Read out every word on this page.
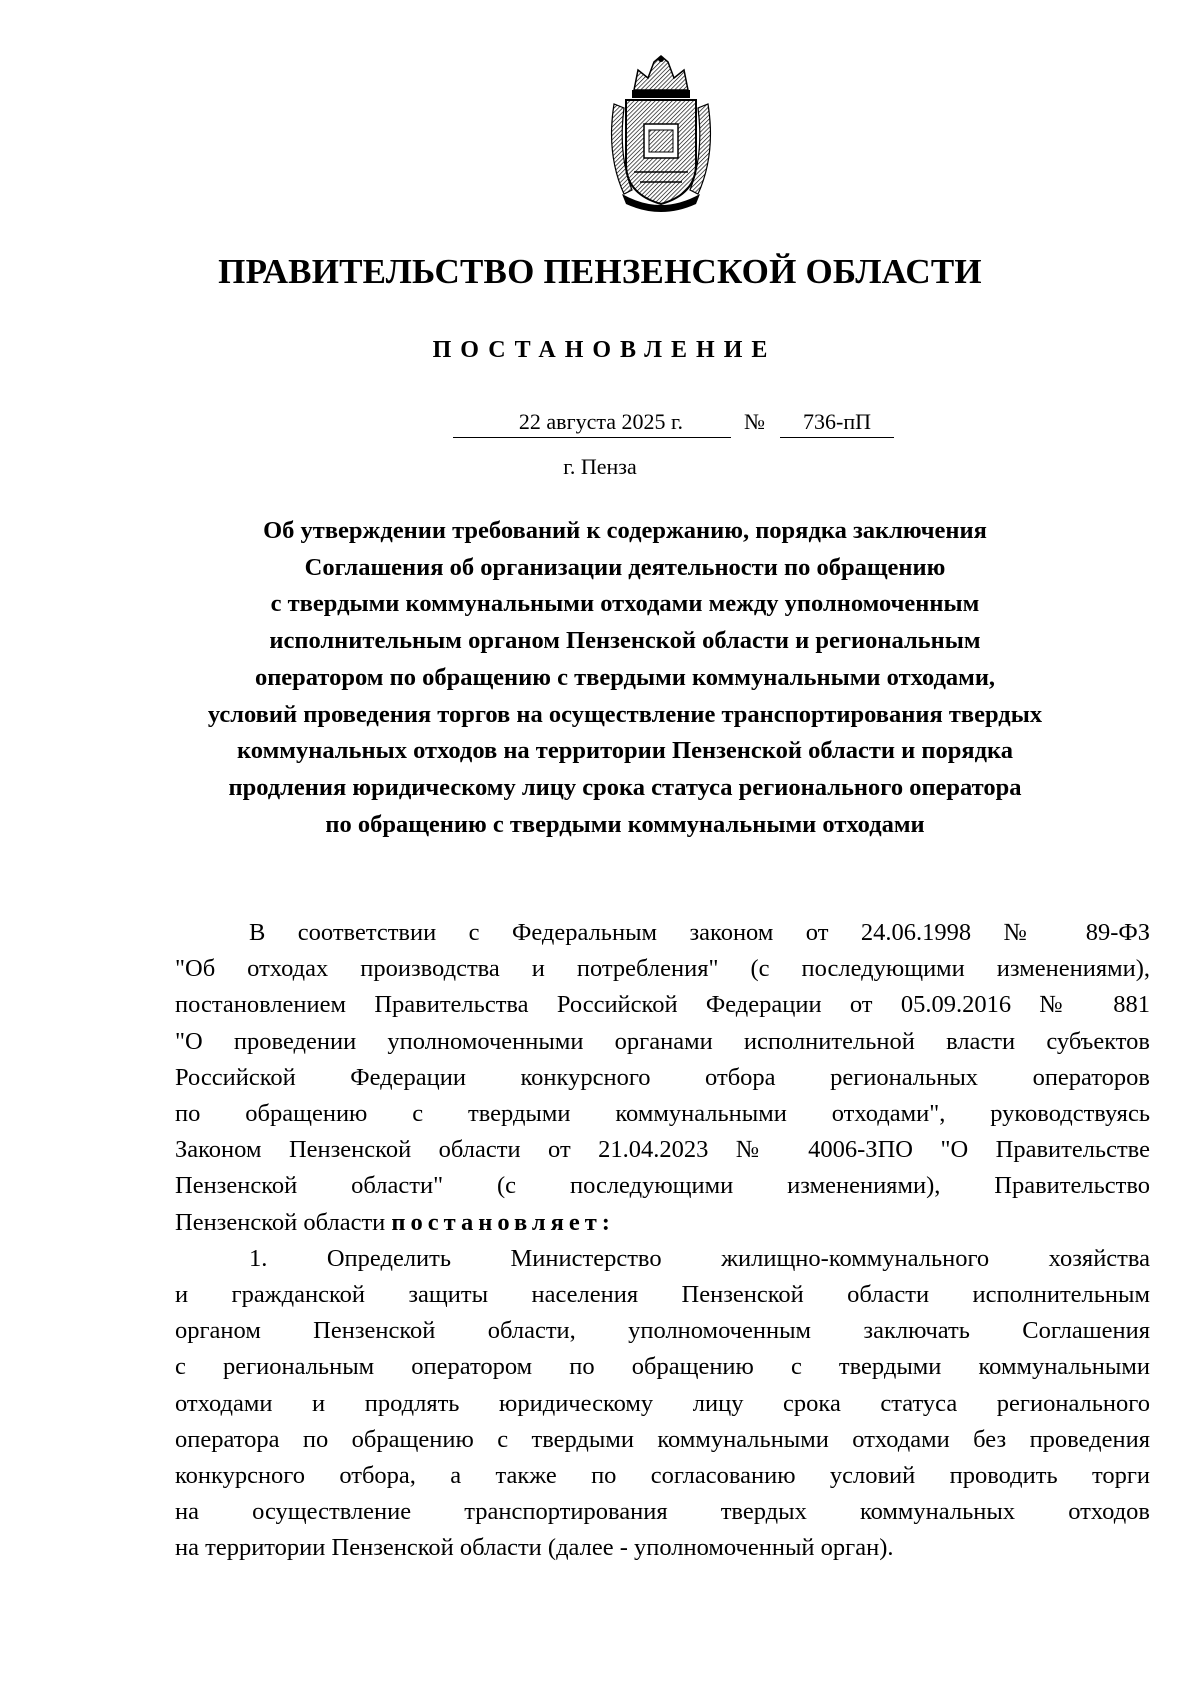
ПРАВИТЕЛЬСТВО ПЕНЗЕНСКОЙ ОБЛАСТИ
ПОСТАНОВЛЕНИЕ
22 августа 2025 г.	№	736-пП
г. Пенза
Об утверждении требований к содержанию, порядка заключения
Соглашения об организации деятельности по обращению
с твердыми коммунальными отходами между уполномоченным
исполнительным органом Пензенской области и региональным
оператором по обращению с твердыми коммунальными отходами,
условий проведения торгов на осуществление транспортирования твердых
коммунальных отходов на территории Пензенской области и порядка
продления юридическому лицу срока статуса регионального оператора
по обращению с твердыми коммунальными отходами
В соответствии с Федеральным законом от 24.06.1998 № 89-ФЗ
"Об отходах производства и потребления" (с последующими изменениями),
постановлением Правительства Российской Федерации от 05.09.2016 № 881
"О проведении уполномоченными органами исполнительной власти субъектов
Российской Федерации конкурсного отбора региональных операторов
по обращению с твердыми коммунальными отходами", руководствуясь
Законом Пензенской области от 21.04.2023 № 4006-ЗПО "О Правительстве
Пензенской области" (с последующими изменениями), Правительство
Пензенской области постановляет:
1. Определить Министерство жилищно-коммунального хозяйства
и гражданской защиты населения Пензенской области исполнительным
органом Пензенской области, уполномоченным заключать Соглашения
с региональным оператором по обращению с твердыми коммунальными
отходами и продлять юридическому лицу срока статуса регионального
оператора по обращению с твердыми коммунальными отходами без проведения
конкурсного отбора, а также по согласованию условий проводить торги
на осуществление транспортирования твердых коммунальных отходов
на территории Пензенской области (далее - уполномоченный орган).
